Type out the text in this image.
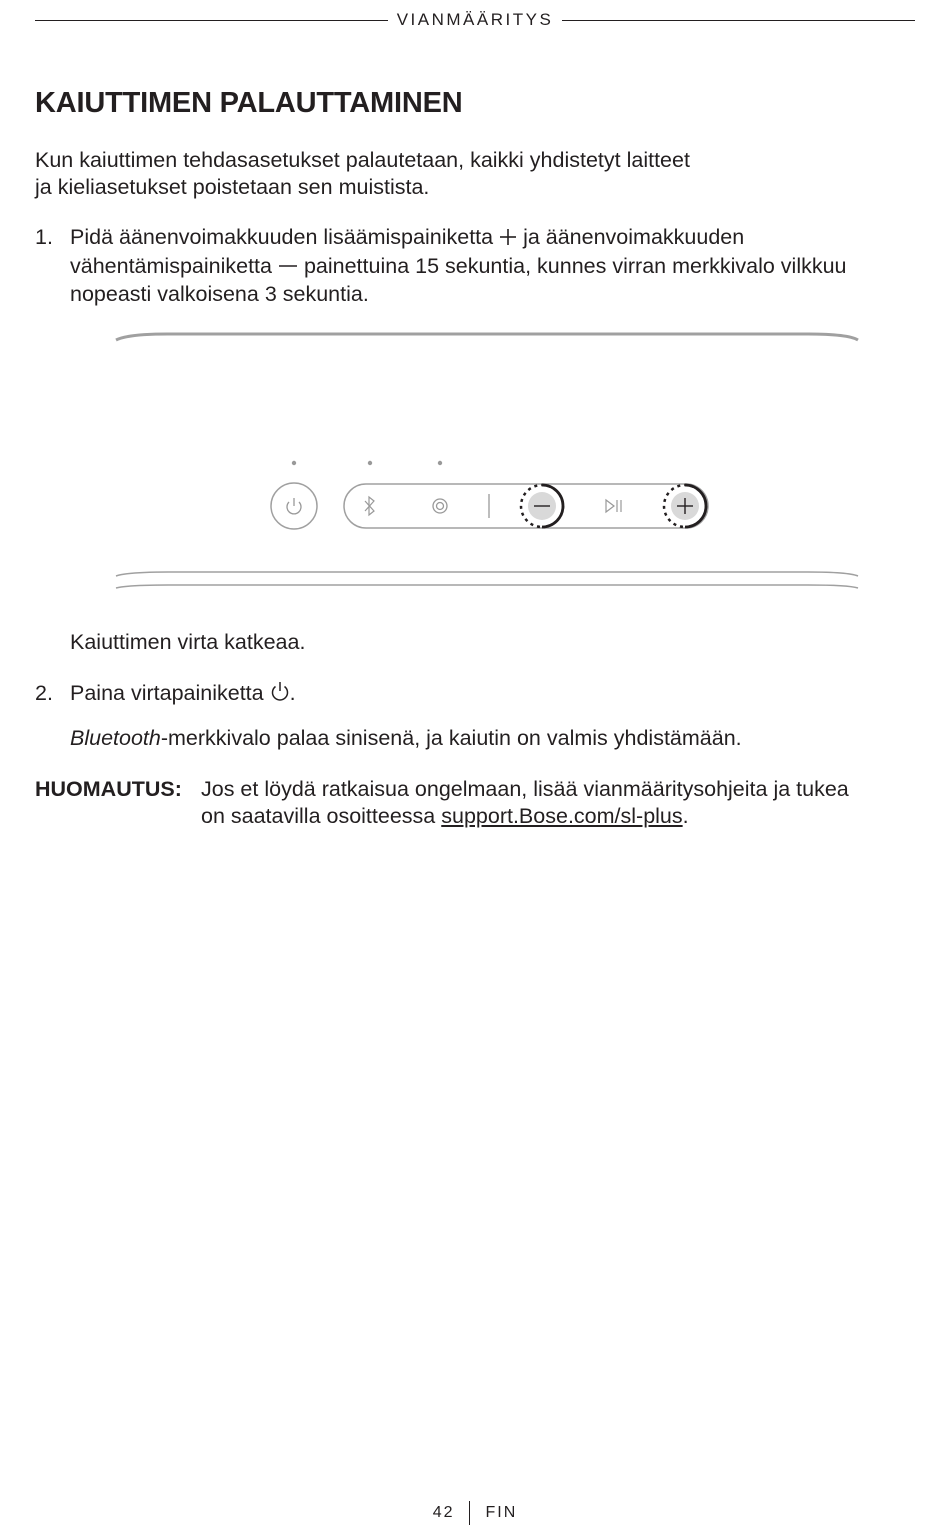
VIANMÄÄRITYS
KAIUTTIMEN PALAUTTAMINEN
Kun kaiuttimen tehdasasetukset palautetaan, kaikki yhdistetyt laitteet
ja kieliasetukset poistetaan sen muistista.
1. Pidä äänenvoimakkuuden lisäämispainiketta ja äänenvoimakkuuden
vähentämispainiketta painettuina 15 sekuntia, kunnes virran merkkivalo vilkkuu
nopeasti valkoisena 3 sekuntia.
Kaiuttimen virta katkeaa.
2. Paina virtapainiketta .
Bluetooth-merkkivalo palaa sinisenä, ja kaiutin on valmis yhdistämään.
HUOMAUTUS: Jos et löydä ratkaisua ongelmaan, lisää vianmääritysohjeita ja tukea
on saatavilla osoitteessa support.Bose.com/sl-plus.
42 FIN
